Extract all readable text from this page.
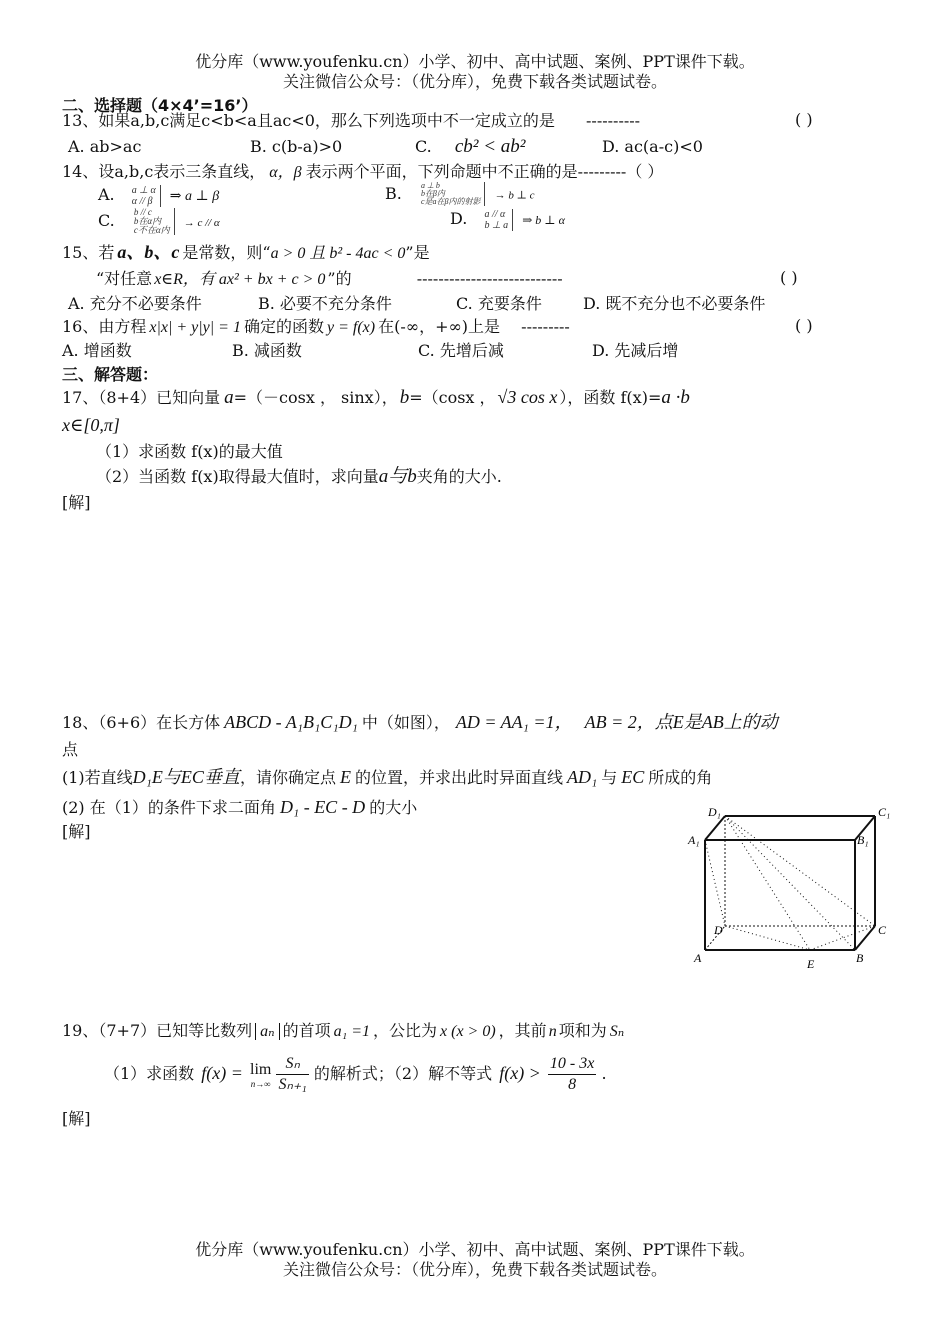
优分库（www.youfenku.cn）小学、初中、高中试题、案例、PPT课件下载。
关注微信公众号：（优分库），免费下载各类试题试卷。
二、选择题（4×4’=16’）
13、如果a,b,c满足c<b<a且ac<0，那么下列选项中不一定成立的是 ----------	( )
A. ab>ac	B. c(b-a)>0	C. cb² < ab²	D. ac(a-c)<0
14、设a,b,c表示三条直线， α，β 表示两个平面，下列命题中不正确的是---------（ ）
A. a ⊥ α
α // β ⇒ a ⊥ β	B. a ⊥ b
b在β内
c是a在β内的射影 → b ⊥ c
C. b // c
b在α内
c不在α内
→ c // α	D. a // α
b ⊥ a ⇒ b ⊥ α
15、若 a、b、c 是常数，则“a > 0 且 b² - 4ac < 0”是
“对任意 x∈R，有 ax² + bx + c > 0 ”的	---------------------------	( )
A. 充分不必要条件	B. 必要不充分条件	C. 充要条件	D. 既不充分也不必要条件
16、由方程 x|x| + y|y| = 1 确定的函数 y = f(x) 在(-∞，+∞)上是 ---------	( )
A. 增函数	B. 减函数	C. 先增后减	D. 先减后增
三、解答题：
17、（8+4）已知向量 a=（－cosx ， sinx）， b=（cosx ， √3 cos x ），函数 f(x)=a ·b
x∈[0,π]
（1）求函数 f(x)的最大值
（2）当函数 f(x)取得最大值时，求向量a与b夹角的大小.
[解]
18、（6+6）在长方体 ABCD - A₁B₁C₁D₁ 中（如图）， AD = AA₁ =1， AB = 2，点E是AB上的动
点
(1)若直线D₁E与EC垂直，请你确定点 E 的位置，并求出此时异面直线 AD₁ 与 EC 所成的角
(2) 在（1）的条件下求二面角 D₁ - EC - D 的大小
[解]
D₁	C₁
A₁	B₁
D	C
A	B
E
19、（7+7）已知等比数列 aₙ 的首项 a₁ =1 ，公比为 x (x > 0) ，其前 n 项和为 Sₙ
（1）求函数 f(x) = lim
n→∞
$\frac{\text{Sₙ}}{\text{Sₙ₊₁}}$ 的解析式；（2）解不等式 $f(x) > \frac{10 - 3x}{8}$ .
[解]
优分库（www.youfenku.cn）小学、初中、高中试题、案例、PPT课件下载。
关注微信公众号：（优分库），免费下载各类试题试卷。
